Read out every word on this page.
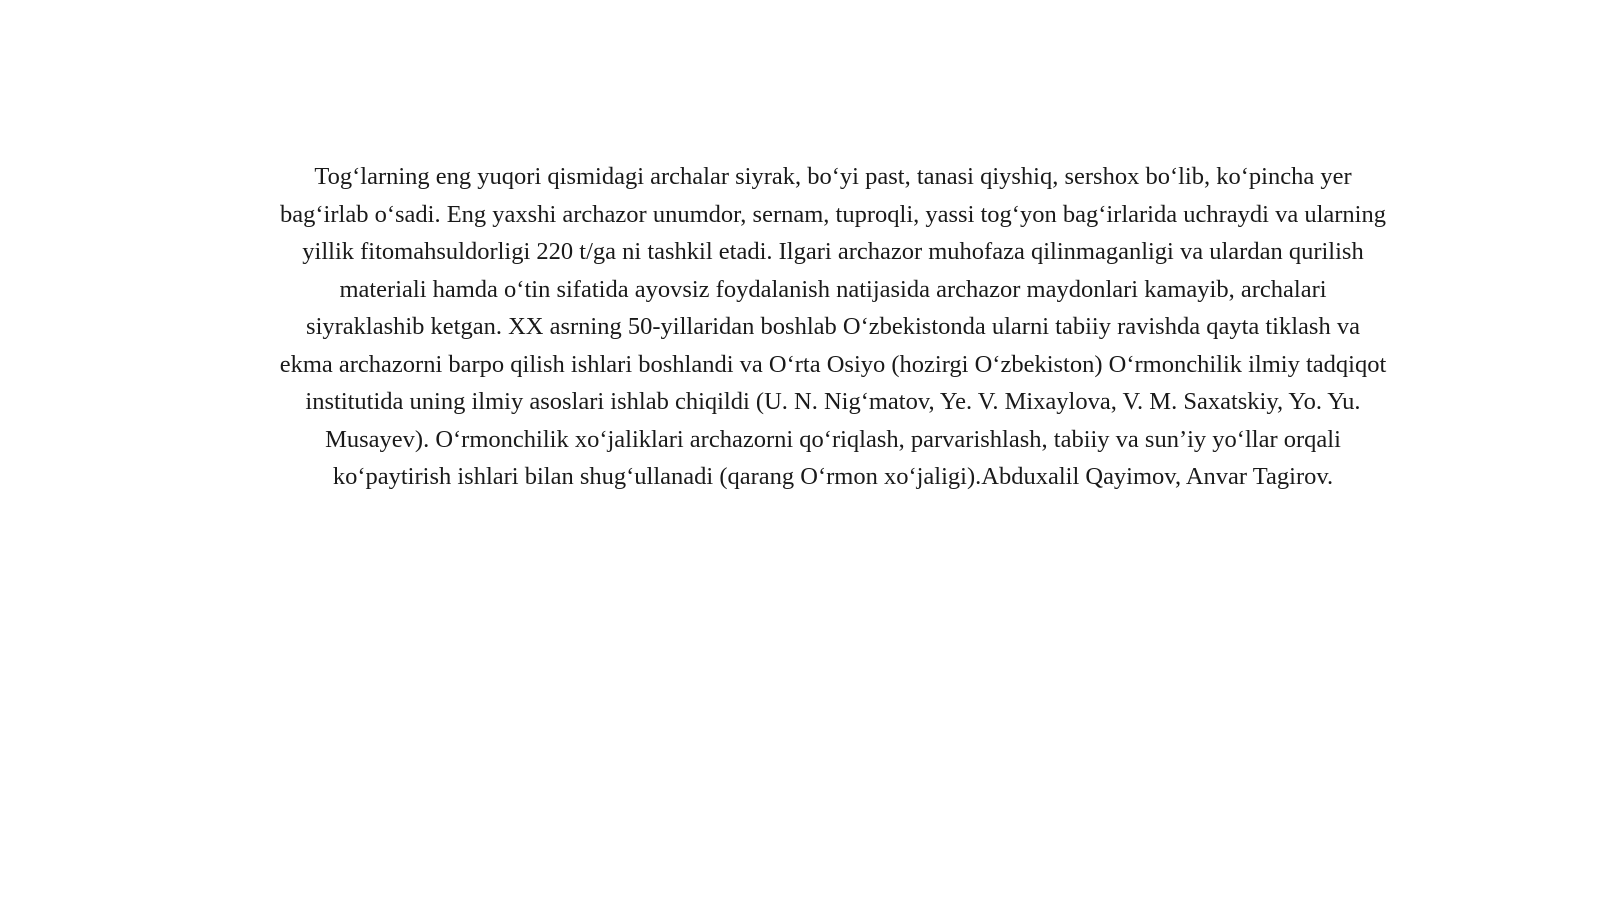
Tog‘larning eng yuqori qismidagi archalar siyrak, bo‘yi past, tanasi qiyshiq, sershox bo‘lib, ko‘pincha yer bag‘irlab o‘sadi. Eng yaxshi archazor unumdor, sernam, tuproqli, yassi tog‘yon bag‘irlarida uchraydi va ularning yillik fitomahsuldorligi 220 t/ga ni tashkil etadi. Ilgari archazor muhofaza qilinmaganligi va ulardan qurilish materiali hamda o‘tin sifatida ayovsiz foydalanish natijasida archazor maydonlari kamayib, archalari siyraklashib ketgan. XX asrning 50-yillaridan boshlab O‘zbekistonda ularni tabiiy ravishda qayta tiklash va ekma archazorni barpo qilish ishlari boshlandi va O‘rta Osiyo (hozirgi O‘zbekiston) O‘rmonchilik ilmiy tadqiqot institutida uning ilmiy asoslari ishlab chiqildi (U. N. Nig‘matov, Ye. V. Mixaylova, V. M. Saxatskiy, Yo. Yu. Musayev). O‘rmonchilik xo‘jaliklari archazorni qo‘riqlash, parvarishlash, tabiiy va sun’iy yo‘llar orqali ko‘paytirish ishlari bilan shug‘ullanadi (qarang O‘rmon xo‘jaligi).Abduxalil Qayimov, Anvar Tagirov.
